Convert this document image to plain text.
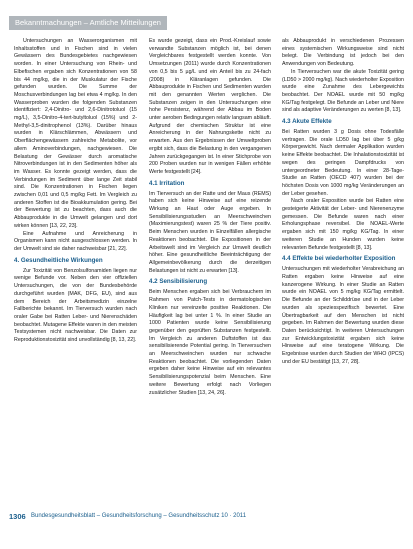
Bekanntmachungen – Amtliche Mitteilungen

Untersuchungen an Wasserorganismen mit Inhaltsstoffen und in Fischen sind in vielen Gewässern des Bundesgebietes nachgewiesen worden. In einer Untersuchung von Rhein- und Elbefischen ergaben sich Konzentrationen von 58 bis 44 mg/kg, die in der Muskulatur der Fische gefunden wurden. Die Summe der Moschusverbindungen lag bei etwa 4 mg/kg. In den Wasserproben wurden die folgenden Substanzen identifiziert: 2,4-Dinitro- und 2,6-Dinitrotoluol (15 mg/L), 3,5-Dinitro-4-tert-butyltoluol (15%) und 2-Methyl-3,5-dinitrophenol (13%). Darüber hinaus wurden in Klärschlämmen, Abwässern und Oberflächengewässern zahlreiche Metabolite, vor allem Aminoverbindungen, nachgewiesen. Die Belastung der Gewässer durch aromatische Nitroverbindungen ist in den Sedimenten höher als im Wasser. Es konnte gezeigt werden, dass die Verbindungen im Sediment über lange Zeit stabil sind. Die Konzentrationen in Fischen liegen zwischen 0,01 und 0,5 mg/kg Fett. Im Vergleich zu anderen Stoffen ist die Bioakkumulation gering. Bei der Bewertung ist zu beachten, dass auch die Abbauprodukte in die Umwelt gelangen und dort wirken können [13, 22, 23].

Eine Aufnahme und Anreicherung in Organismen kann nicht ausgeschlossen werden. In der Umwelt sind sie daher nachweisbar [21, 22].

4. Gesundheitliche Wirkungen

Zur Toxizität von Benzolsulfonamiden liegen nur wenige Befunde vor. Neben den vier offiziellen Untersuchungen, die von der Bundesbehörde durchgeführt wurden (MAK, DFG, EU), sind aus dem Bereich der Arbeitsmedizin einzelne Fallberichte bekannt. Im Tierversuch wurden nach oraler Gabe bei Ratten Leber- und Nierenschäden beobachtet. Mutagene Effekte waren in den meisten Testsystemen nicht nachweisbar. Die Daten zur Reproduktionstoxizität sind unvollständig [8, 13, 22].

Es wurde gezeigt, dass ein Prod.-Kreislauf sowie verwandte Substanzen möglich ist, bei denen Vergleichbares festgestellt werden konnte. Von Umsetzungen (2011) wurde durch Konzentrationen von 0,5 bis 5 µg/L und ein Anteil bis zu 24-fach (2008) in Kläranlagen gefunden. Die Abbauprodukte in Fischen und Sedimenten wurden mit den genannten Werten verglichen. Die Substanzen zeigen in den Untersuchungen eine hohe Persistenz, während der Abbau im Boden unter aeroben Bedingungen relativ langsam abläuft. Aufgrund der chemischen Struktur ist eine Anreicherung in der Nahrungskette nicht zu erwarten. Aus den Ergebnissen der Umweltproben ergibt sich, dass die Belastung in den vergangenen Jahren zurückgegangen ist. In einer Stichprobe von 200 Proben wurden nur in wenigen Fällen erhöhte Werte festgestellt [24].

4.1 Irritation

Im Tierversuch an der Ratte und der Maus (REMS) haben sich keine Hinweise auf eine reizende Wirkung an Haut oder Auge ergeben. In Sensibilisierungsstudien an Meerschweinchen (Maximierungstest) waren 25 % der Tiere positiv. Beim Menschen wurden in Einzelfällen allergische Reaktionen beobachtet. Die Expositionen in der Arbeitswelt sind im Vergleich zur Umwelt deutlich höher. Eine gesundheitliche Beeinträchtigung der Allgemeinbevölkerung durch die derzeitigen Belastungen ist nicht zu erwarten [13].

4.2 Sensibilisierung

Beim Menschen ergaben sich bei Verbrauchern im Rahmen von Patch-Tests in dermatologischen Kliniken nur vereinzelte positive Reaktionen. Die Häufigkeit lag bei unter 1 %. In einer Studie an 1000 Patienten wurde keine Sensibilisierung gegenüber den geprüften Substanzen festgestellt. Im Vergleich zu anderen Duftstoffen ist das sensibilisierende Potential gering. In Tierversuchen an Meerschweinchen wurden nur schwache Reaktionen beobachtet. Die vorliegenden Daten ergeben daher keine Hinweise auf ein relevantes Sensibilisierungspotenzial beim Menschen. Eine weitere Bewertung erfolgt nach Vorliegen zusätzlicher Studien [13, 24, 26].

als Abbauprodukt in verschiedenen Prozessen eines systemischen Wirkungsweise sind nicht belegt. Die Verbindung ist jedoch bei den Anwendungen von Bedeutung.

In Tierversuchen war die akute Toxizität gering (LD50 > 2000 mg/kg). Nach wiederholter Exposition wurde eine Zunahme des Lebergewichts beobachtet. Der NOAEL wurde mit 50 mg/kg KG/Tag festgelegt. Die Befunde an Leber und Niere sind als adaptive Veränderungen zu werten [8, 13].

4.3 Akute Effekte

Bei Ratten wurden 3 g Dosis ohne Todesfälle vertragen. Die orale LD50 lag bei über 5 g/kg Körpergewicht. Nach dermaler Applikation wurden keine Effekte beobachtet. Die Inhalationstoxizität ist wegen des geringen Dampfdrucks von untergeordneter Bedeutung. In einer 28-Tage-Studie an Ratten (OECD 407) wurden bei der höchsten Dosis von 1000 mg/kg Veränderungen an der Leber gesehen.

Nach oraler Exposition wurde bei Ratten eine gesteigerte Aktivität der Leber- und Nierenenzyme gemessen. Die Befunde waren nach einer Erholungsphase reversibel. Die NOAEL-Werte ergaben sich mit 150 mg/kg KG/Tag. In einer weiteren Studie an Hunden wurden keine relevanten Befunde festgestellt [8, 13].

4.4 Effekte bei wiederholter Exposition

Untersuchungen mit wiederholter Verabreichung an Ratten ergaben keine Hinweise auf eine kanzerogene Wirkung. In einer Studie an Ratten wurde ein NOAEL von 5 mg/kg KG/Tag ermittelt. Die Befunde an der Schilddrüse und in der Leber wurden als speziesspezifisch bewertet. Eine Übertragbarkeit auf den Menschen ist nicht gegeben. Im Rahmen der Bewertung wurden diese Daten berücksichtigt. In weiteren Untersuchungen zur Entwicklungstoxizität ergaben sich keine Hinweise auf eine teratogene Wirkung. Die Ergebnisse wurden durch Studien der WHO (IPCS) und der EU bestätigt [13, 27, 28].

1306 Bundesgesundheitsblatt – Gesundheitsforschung – Gesundheitsschutz 10 · 2011
